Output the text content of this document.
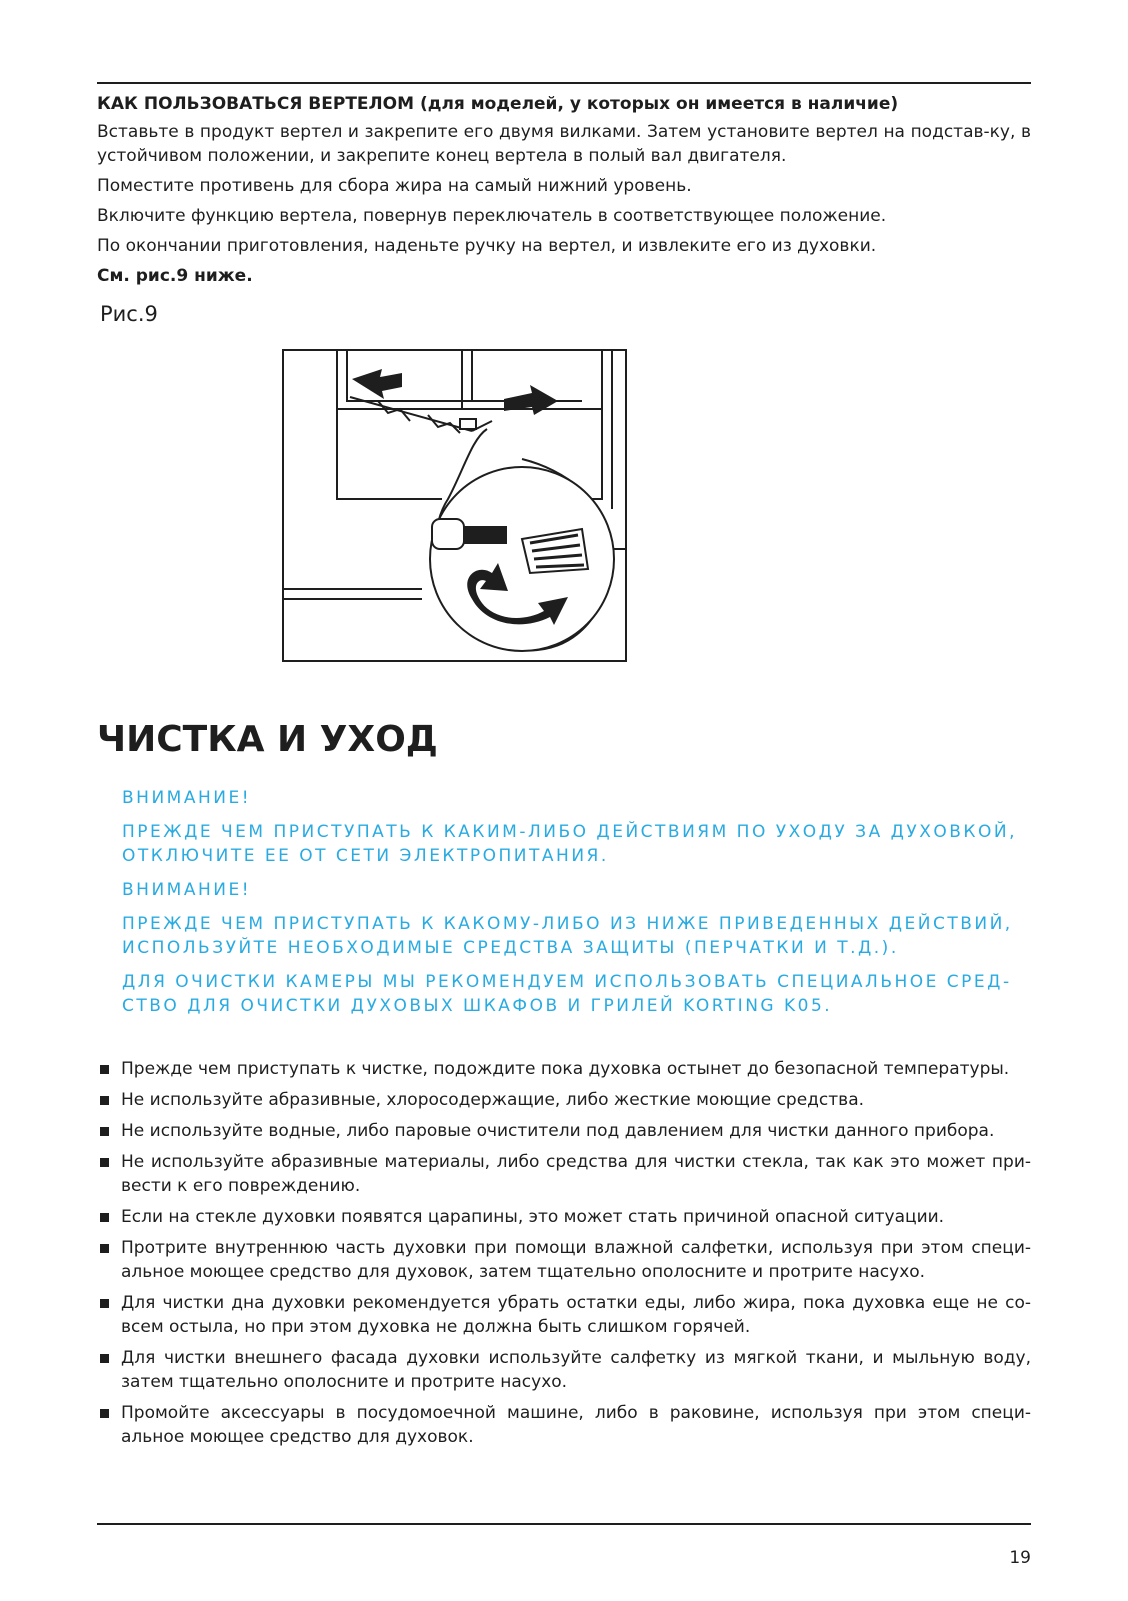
КАК ПОЛЬЗОВАТЬСЯ ВЕРТЕЛОМ (для моделей, у которых он имеется в наличие)

Вставьте в продукт вертел и закрепите его двумя вилками. Затем установите вертел на подстав-ку, в устойчивом положении, и закрепите конец вертела в полый вал двигателя.

Поместите противень для сбора жира на самый нижний уровень.

Включите функцию вертела, повернув переключатель в соответствующее положение.

По окончании приготовления, наденьте ручку на вертел, и извлеките его из духовки.

См. рис.9 ниже.

Рис.9

ЧИСТКА И УХОД

ВНИМАНИЕ!

ПРЕЖДЕ ЧЕМ ПРИСТУПАТЬ К КАКИМ-ЛИБО ДЕЙСТВИЯМ ПО УХОДУ ЗА ДУХОВКОЙ, ОТКЛЮЧИТЕ ЕЕ ОТ СЕТИ ЭЛЕКТРОПИТАНИЯ.

ВНИМАНИЕ!

ПРЕЖДЕ ЧЕМ ПРИСТУПАТЬ К КАКОМУ-ЛИБО ИЗ НИЖЕ ПРИВЕДЕННЫХ ДЕЙСТВИЙ, ИСПОЛЬЗУЙТЕ НЕОБХОДИМЫЕ СРЕДСТВА ЗАЩИТЫ (ПЕРЧАТКИ И Т.Д.).

ДЛЯ ОЧИСТКИ КАМЕРЫ МЫ РЕКОМЕНДУЕМ ИСПОЛЬЗОВАТЬ СПЕЦИАЛЬНОЕ СРЕД-СТВО ДЛЯ ОЧИСТКИ ДУХОВЫХ ШКАФОВ И ГРИЛЕЙ KORTING K05.

Прежде чем приступать к чистке, подождите пока духовка остынет до безопасной температуры.
Не используйте абразивные, хлоросодержащие, либо жесткие моющие средства.
Не используйте водные, либо паровые очистители под давлением для чистки данного прибора.
Не используйте абразивные материалы, либо средства для чистки стекла, так как это может при-вести к его повреждению.
Если на стекле духовки появятся царапины, это может стать причиной опасной ситуации.
Протрите внутреннюю часть духовки при помощи влажной салфетки, используя при этом специ-альное моющее средство для духовок, затем тщательно ополосните и протрите насухо.
Для чистки дна духовки рекомендуется убрать остатки еды, либо жира, пока духовка еще не со-всем остыла, но при этом духовка не должна быть слишком горячей.
Для чистки внешнего фасада духовки используйте салфетку из мягкой ткани, и мыльную воду, затем тщательно ополосните и протрите насухо.
Промойте аксессуары в посудомоечной машине, либо в раковине, используя при этом специ-альное моющее средство для духовок.
19
